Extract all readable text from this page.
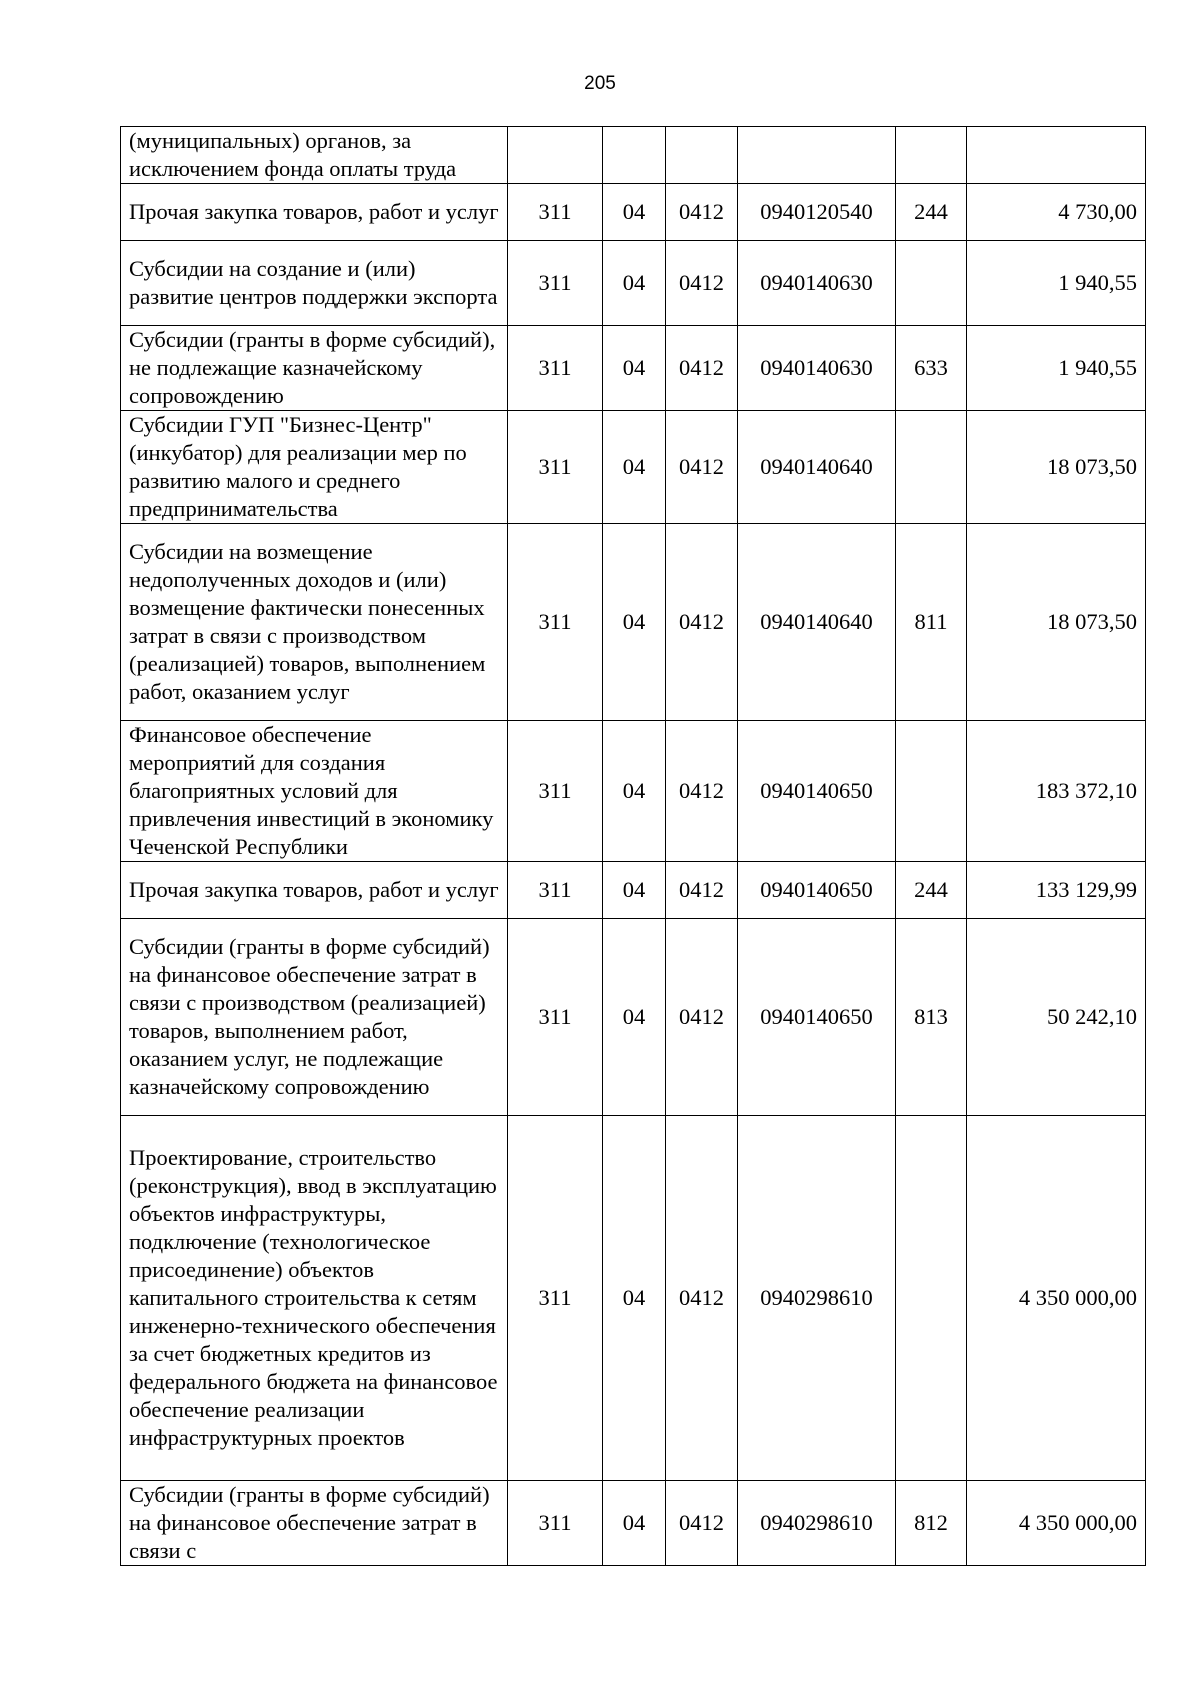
205
(муниципальных) органов, за исключением фонда оплаты труда						
Прочая закупка товаров, работ и услуг	311	04	0412	0940120540	244	4 730,00
Субсидии на создание и (или) развитие центров поддержки экспорта	311	04	0412	0940140630		1 940,55
Субсидии (гранты в форме субсидий), не подлежащие казначейскому сопровождению	311	04	0412	0940140630	633	1 940,55
Субсидии ГУП "Бизнес-Центр" (инкубатор) для реализации мер по развитию малого и среднего предпринимательства	311	04	0412	0940140640		18 073,50
Субсидии на возмещение недополученных доходов и (или) возмещение фактически понесенных затрат в связи с производством (реализацией) товаров, выполнением работ, оказанием услуг	311	04	0412	0940140640	811	18 073,50
Финансовое обеспечение мероприятий для создания благоприятных условий для привлечения инвестиций в экономику Чеченской Республики	311	04	0412	0940140650		183 372,10
Прочая закупка товаров, работ и услуг	311	04	0412	0940140650	244	133 129,99
Субсидии (гранты в форме субсидий) на финансовое обеспечение затрат в связи с производством (реализацией) товаров, выполнением работ, оказанием услуг, не подлежащие казначейскому сопровождению	311	04	0412	0940140650	813	50 242,10
Проектирование, строительство (реконструкция), ввод в эксплуатацию объектов инфраструктуры, подключение (технологическое присоединение) объектов капитального строительства к сетям инженерно-технического обеспечения за счет бюджетных кредитов из федерального бюджета на финансовое обеспечение реализации инфраструктурных проектов	311	04	0412	0940298610		4 350 000,00
Субсидии (гранты в форме субсидий) на финансовое обеспечение затрат в связи с	311	04	0412	0940298610	812	4 350 000,00
